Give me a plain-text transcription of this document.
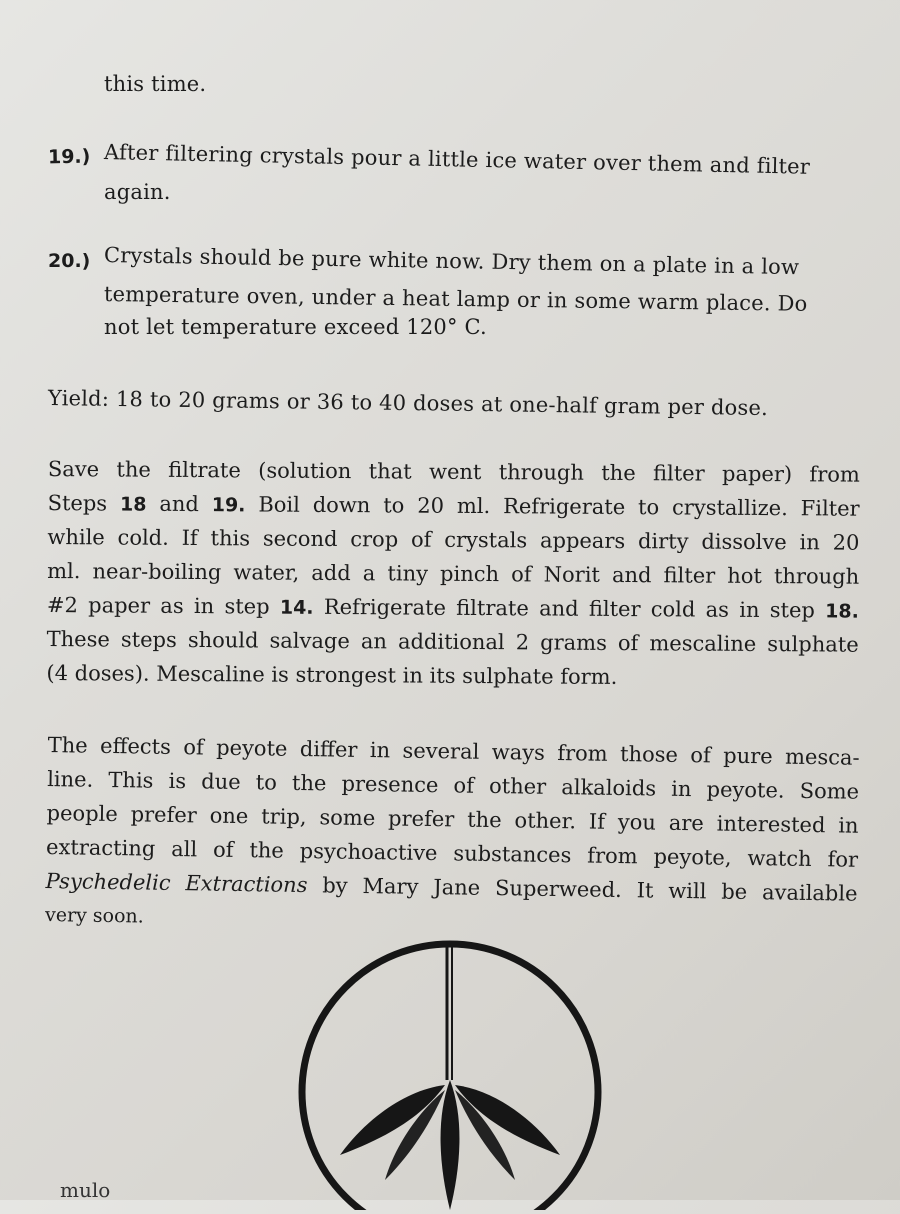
this time.
19.) After filtering crystals pour a little ice water over them and filter
again.
20.) Crystals should be pure white now. Dry them on a plate in a low
temperature oven, under a heat lamp or in some warm place. Do
not let temperature exceed 120° C.
Yield: 18 to 20 grams or 36 to 40 doses at one-half gram per dose.
Save the filtrate (solution that went through the filter paper) from
Steps 18 and 19. Boil down to 20 ml. Refrigerate to crystallize. Filter
while cold. If this second crop of crystals appears dirty dissolve in 20
ml. near-boiling water, add a tiny pinch of Norit and filter hot through
#2 paper as in step 14. Refrigerate filtrate and filter cold as in step 18.
These steps should salvage an additional 2 grams of mescaline sulphate
(4 doses). Mescaline is strongest in its sulphate form.
The effects of peyote differ in several ways from those of pure mesca-
line. This is due to the presence of other alkaloids in peyote. Some
people prefer one trip, some prefer the other. If you are interested in
extracting all of the psychoactive substances from peyote, watch for
Psychedelic Extractions by Mary Jane Superweed. It will be available
very soon.
mulo
